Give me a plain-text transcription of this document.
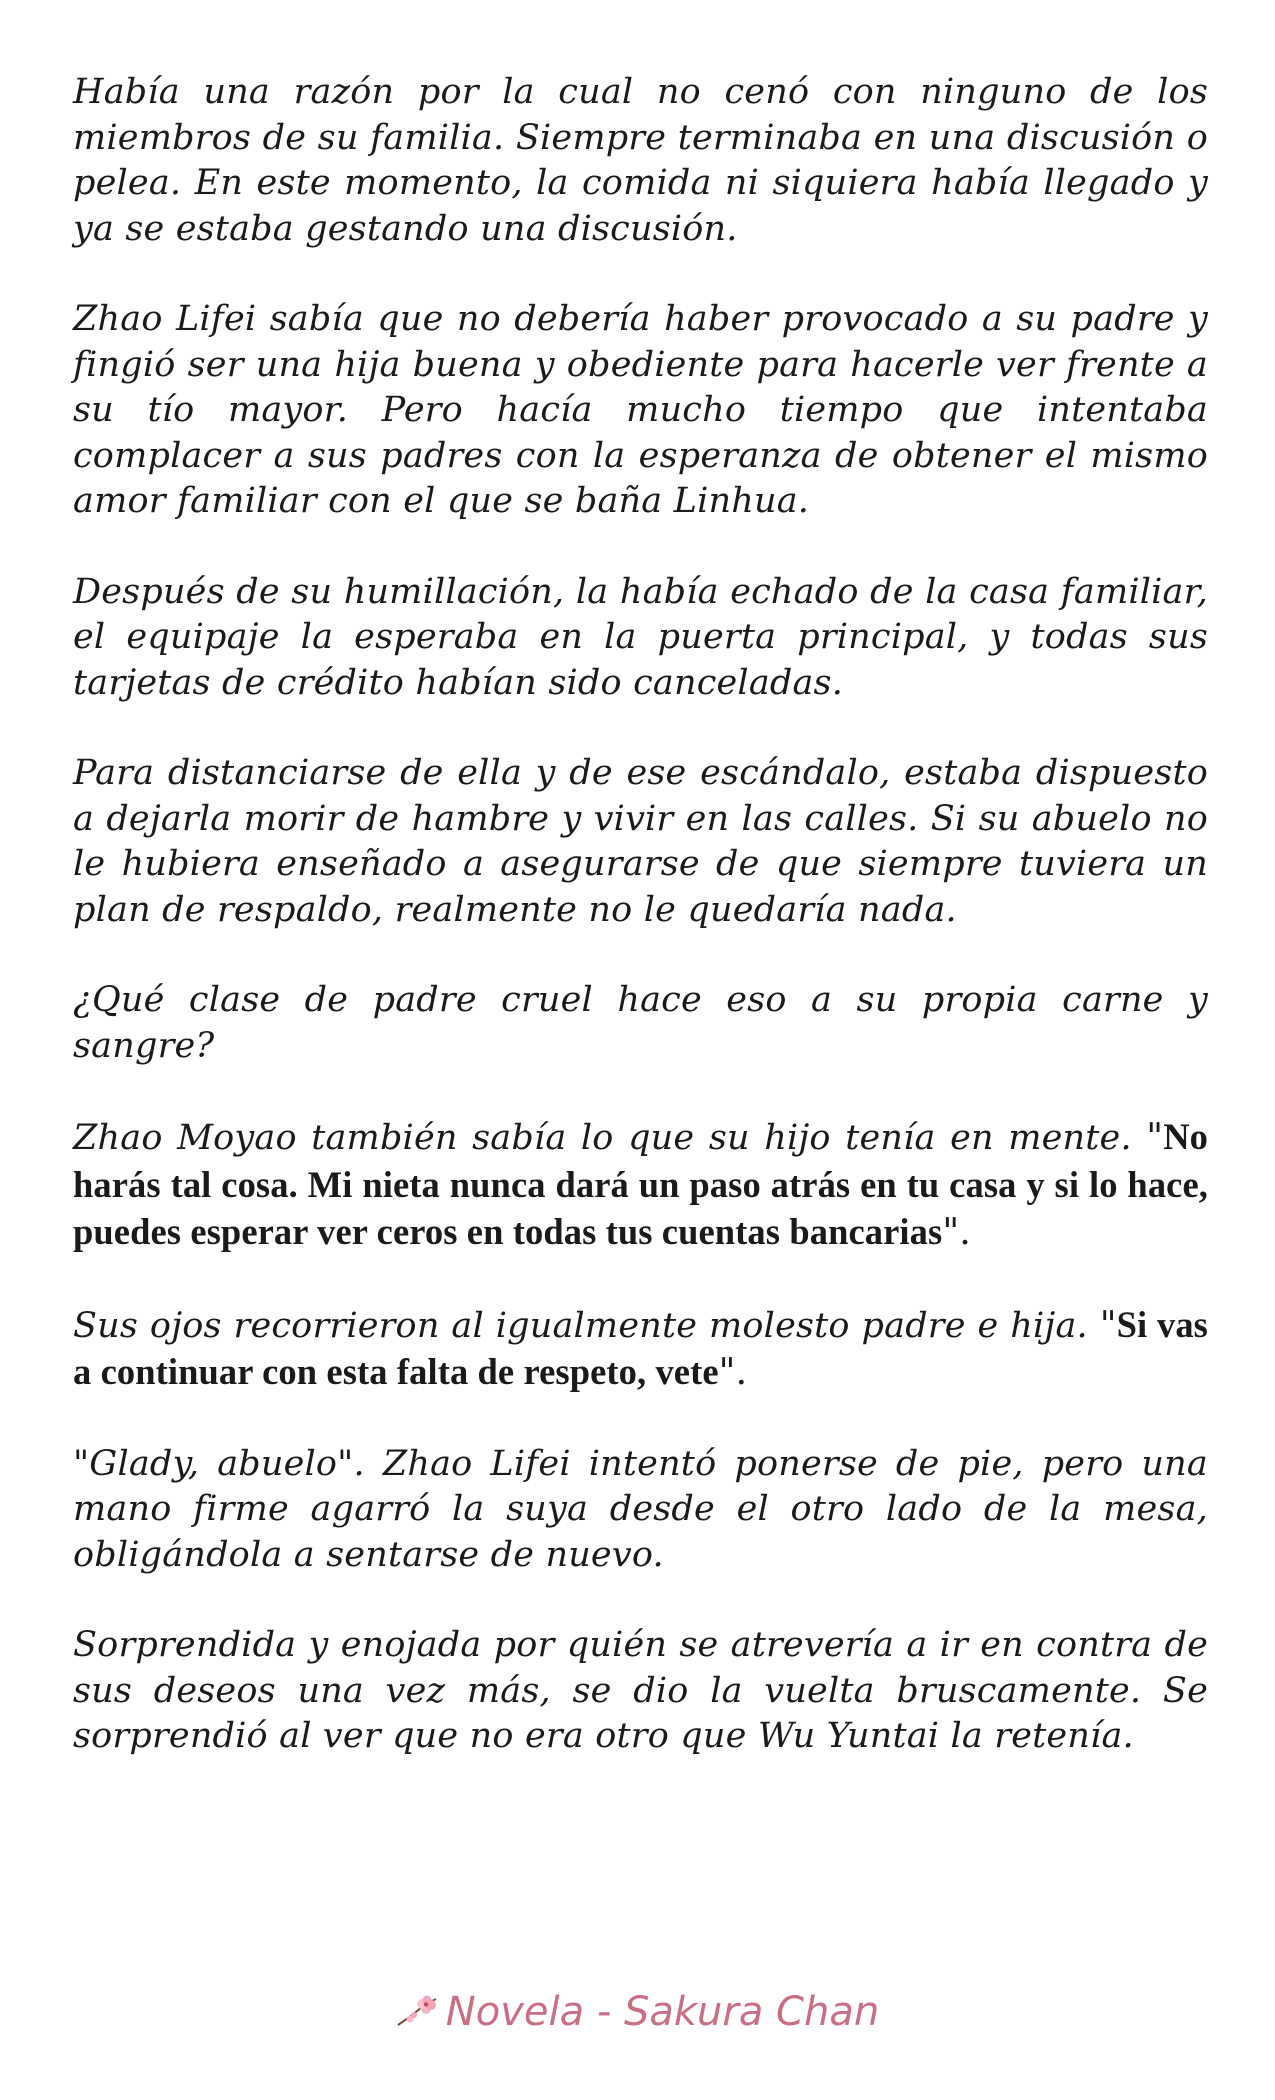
Había una razón por la cual no cenó con ninguno de los miembros de su familia. Siempre terminaba en una discusión o pelea. En este momento, la comida ni siquiera había llegado y ya se estaba gestando una discusión.

Zhao Lifei sabía que no debería haber provocado a su padre y fingió ser una hija buena y obediente para hacerle ver frente a su tío mayor. Pero hacía mucho tiempo que intentaba complacer a sus padres con la esperanza de obtener el mismo amor familiar con el que se baña Linhua.

Después de su humillación, la había echado de la casa familiar, el equipaje la esperaba en la puerta principal, y todas sus tarjetas de crédito habían sido canceladas.

Para distanciarse de ella y de ese escándalo, estaba dispuesto a dejarla morir de hambre y vivir en las calles. Si su abuelo no le hubiera enseñado a asegurarse de que siempre tuviera un plan de respaldo, realmente no le quedaría nada.

¿Qué clase de padre cruel hace eso a su propia carne y sangre?

Zhao Moyao también sabía lo que su hijo tenía en mente. "No harás tal cosa. Mi nieta nunca dará un paso atrás en tu casa y si lo hace, puedes esperar ver ceros en todas tus cuentas bancarias".

Sus ojos recorrieron al igualmente molesto padre e hija. "Si vas a continuar con esta falta de respeto, vete".

"Glady, abuelo". Zhao Lifei intentó ponerse de pie, pero una mano firme agarró la suya desde el otro lado de la mesa, obligándola a sentarse de nuevo.

Sorprendida y enojada por quién se atrevería a ir en contra de sus deseos una vez más, se dio la vuelta bruscamente. Se sorprendió al ver que no era otro que Wu Yuntai la retenía.

Novela - Sakura Chan
